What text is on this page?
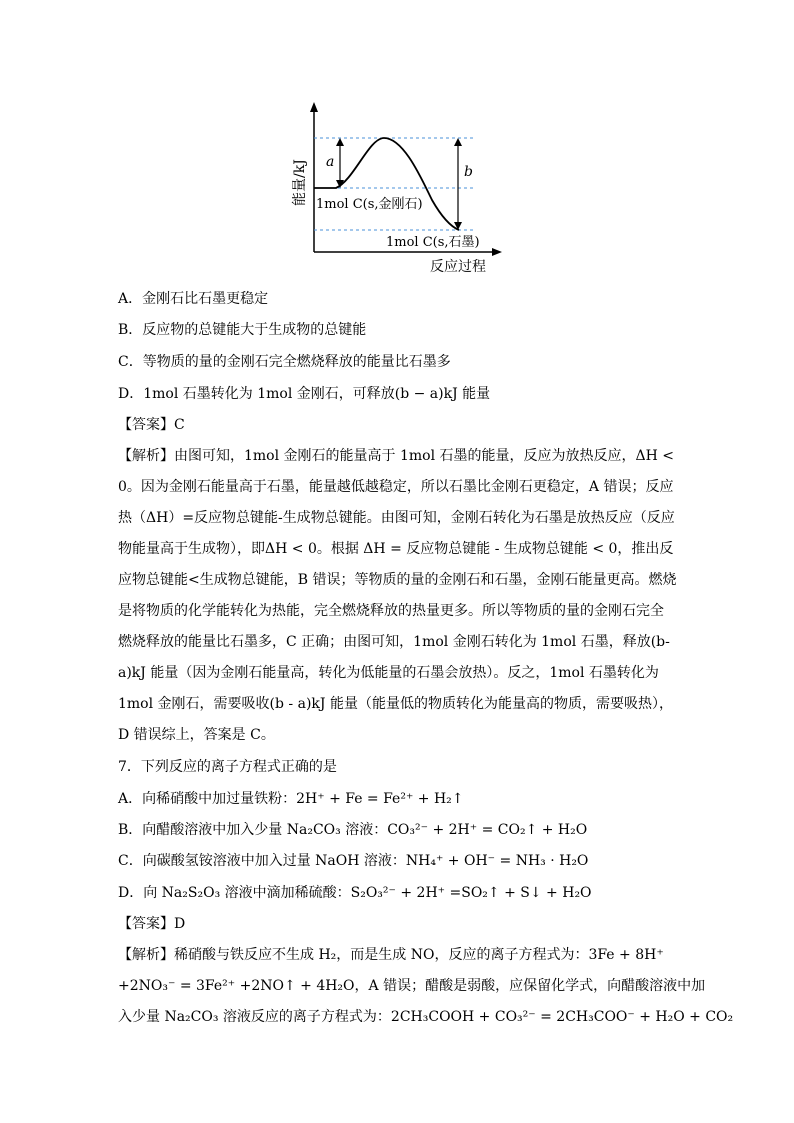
a
b
1mol C(s,金刚石)
1mol C(s,石墨)
能量/kJ
反应过程
A．金刚石比石墨更稳定
B．反应物的总键能大于生成物的总键能
C．等物质的量的金刚石完全燃烧释放的能量比石墨多
D．1mol 石墨转化为 1mol 金刚石，可释放(b − a)kJ 能量
【答案】C
【解析】由图可知，1mol 金刚石的能量高于 1mol 石墨的能量，反应为放热反应，ΔH <
0。因为金刚石能量高于石墨，能量越低越稳定，所以石墨比金刚石更稳定，A 错误；反应
热（ΔH）=反应物总键能-生成物总键能。由图可知，金刚石转化为石墨是放热反应（反应
物能量高于生成物），即ΔH < 0。根据 ΔH = 反应物总键能 - 生成物总键能 < 0，推出反
应物总键能<生成物总键能，B 错误；等物质的量的金刚石和石墨，金刚石能量更高。燃烧
是将物质的化学能转化为热能，完全燃烧释放的热量更多。所以等物质的量的金刚石完全
燃烧释放的能量比石墨多，C 正确；由图可知，1mol 金刚石转化为 1mol 石墨，释放(b-
a)kJ 能量（因为金刚石能量高，转化为低能量的石墨会放热）。反之，1mol 石墨转化为
1mol 金刚石，需要吸收(b - a)kJ 能量（能量低的物质转化为能量高的物质，需要吸热），
D 错误综上，答案是 C。
7．下列反应的离子方程式正确的是
A．向稀硝酸中加过量铁粉：2H⁺ + Fe = Fe²⁺ + H₂↑
B．向醋酸溶液中加入少量 Na₂CO₃ 溶液：CO₃²⁻ + 2H⁺ = CO₂↑ + H₂O
C．向碳酸氢铵溶液中加入过量 NaOH 溶液：NH₄⁺ + OH⁻ = NH₃ · H₂O
D．向 Na₂S₂O₃ 溶液中滴加稀硫酸：S₂O₃²⁻ + 2H⁺ =SO₂↑ + S↓ + H₂O
【答案】D
【解析】稀硝酸与铁反应不生成 H₂，而是生成 NO，反应的离子方程式为：3Fe + 8H⁺
+2NO₃⁻ = 3Fe²⁺ +2NO↑ + 4H₂O，A 错误；醋酸是弱酸，应保留化学式，向醋酸溶液中加
入少量 Na₂CO₃ 溶液反应的离子方程式为：2CH₃COOH + CO₃²⁻ = 2CH₃COO⁻ + H₂O + CO₂
